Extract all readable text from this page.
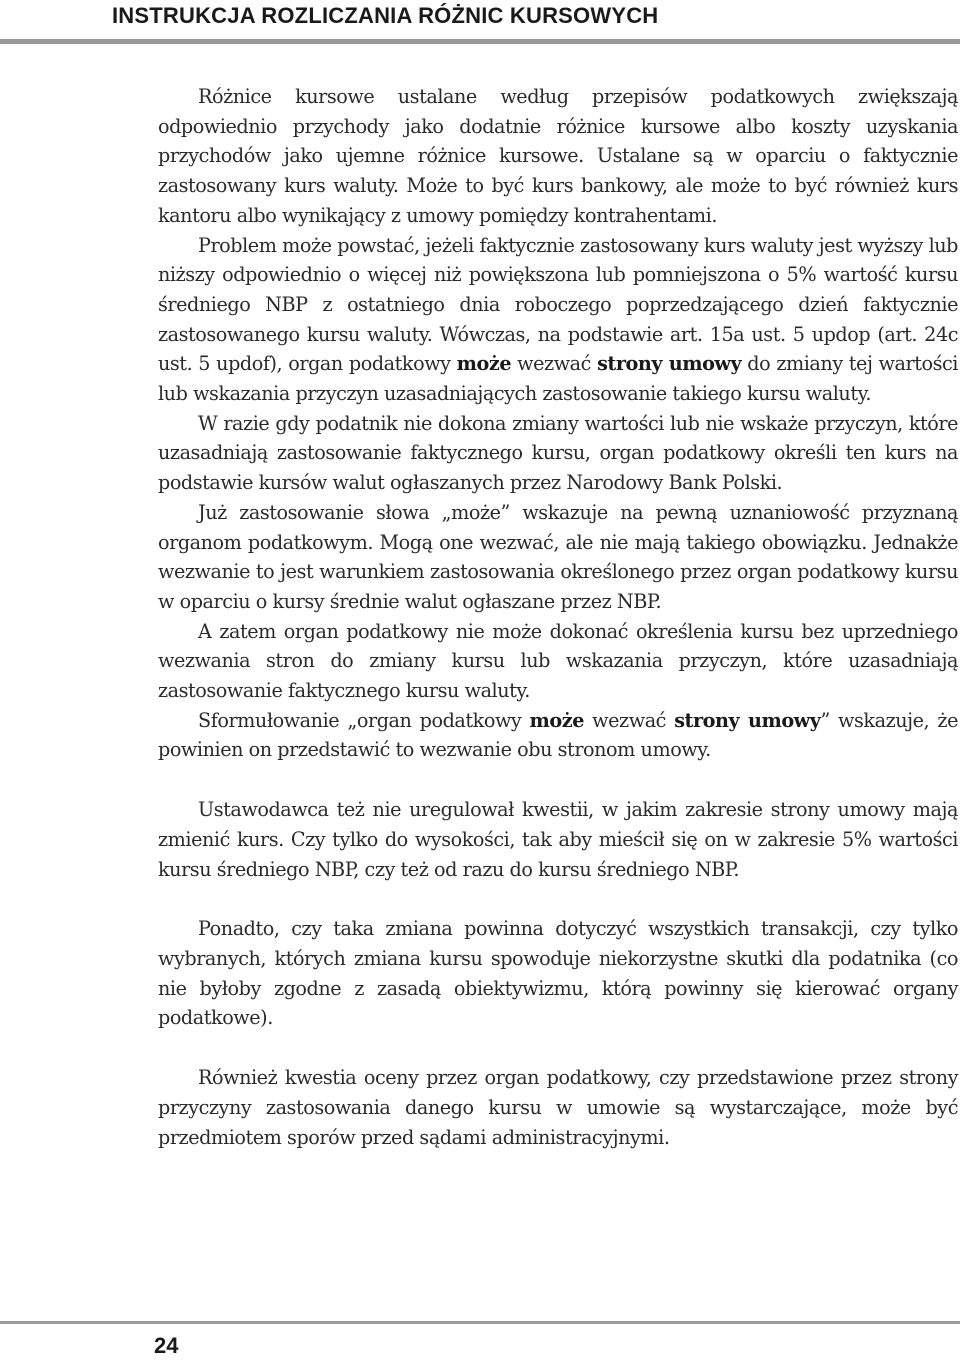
INSTRUKCJA ROZLICZANIA RÓŻNIC KURSOWYCH

Różnice kursowe ustalane według przepisów podatkowych zwiększają odpowiednio przychody jako dodatnie różnice kursowe albo koszty uzyskania przychodów jako ujemne różnice kursowe. Ustalane są w oparciu o faktycznie zastosowany kurs waluty. Może to być kurs bankowy, ale może to być również kurs kantoru albo wynikający z umowy pomiędzy kontrahentami.

Problem może powstać, jeżeli faktycznie zastosowany kurs waluty jest wyższy lub niższy odpowiednio o więcej niż powiększona lub pomniejszona o 5% wartość kursu średniego NBP z ostatniego dnia roboczego poprzedzającego dzień faktycznie zastosowanego kursu waluty. Wówczas, na podstawie art. 15a ust. 5 updop (art. 24c ust. 5 updof), organ podatkowy może wezwać strony umowy do zmiany tej wartości lub wskazania przyczyn uzasadniających zastosowanie takiego kursu waluty.

W razie gdy podatnik nie dokona zmiany wartości lub nie wskaże przyczyn, które uzasadniają zastosowanie faktycznego kursu, organ podatkowy określi ten kurs na podstawie kursów walut ogłaszanych przez Narodowy Bank Polski.

Już zastosowanie słowa „może” wskazuje na pewną uznaniowość przyznaną organom podatkowym. Mogą one wezwać, ale nie mają takiego obowiązku. Jednakże wezwanie to jest warunkiem zastosowania określonego przez organ podatkowy kursu w oparciu o kursy średnie walut ogłaszane przez NBP.

A zatem organ podatkowy nie może dokonać określenia kursu bez uprzedniego wezwania stron do zmiany kursu lub wskazania przyczyn, które uzasadniają zastosowanie faktycznego kursu waluty.

Sformułowanie „organ podatkowy może wezwać strony umowy” wskazuje, że powinien on przedstawić to wezwanie obu stronom umowy.

Ustawodawca też nie uregulował kwestii, w jakim zakresie strony umowy mają zmienić kurs. Czy tylko do wysokości, tak aby mieścił się on w zakresie 5% wartości kursu średniego NBP, czy też od razu do kursu średniego NBP.

Ponadto, czy taka zmiana powinna dotyczyć wszystkich transakcji, czy tylko wybranych, których zmiana kursu spowoduje niekorzystne skutki dla podatnika (co nie byłoby zgodne z zasadą obiektywizmu, którą powinny się kierować organy podatkowe).

Również kwestia oceny przez organ podatkowy, czy przedstawione przez strony przyczyny zastosowania danego kursu w umowie są wystarczające, może być przedmiotem sporów przed sądami administracyjnymi.

24
